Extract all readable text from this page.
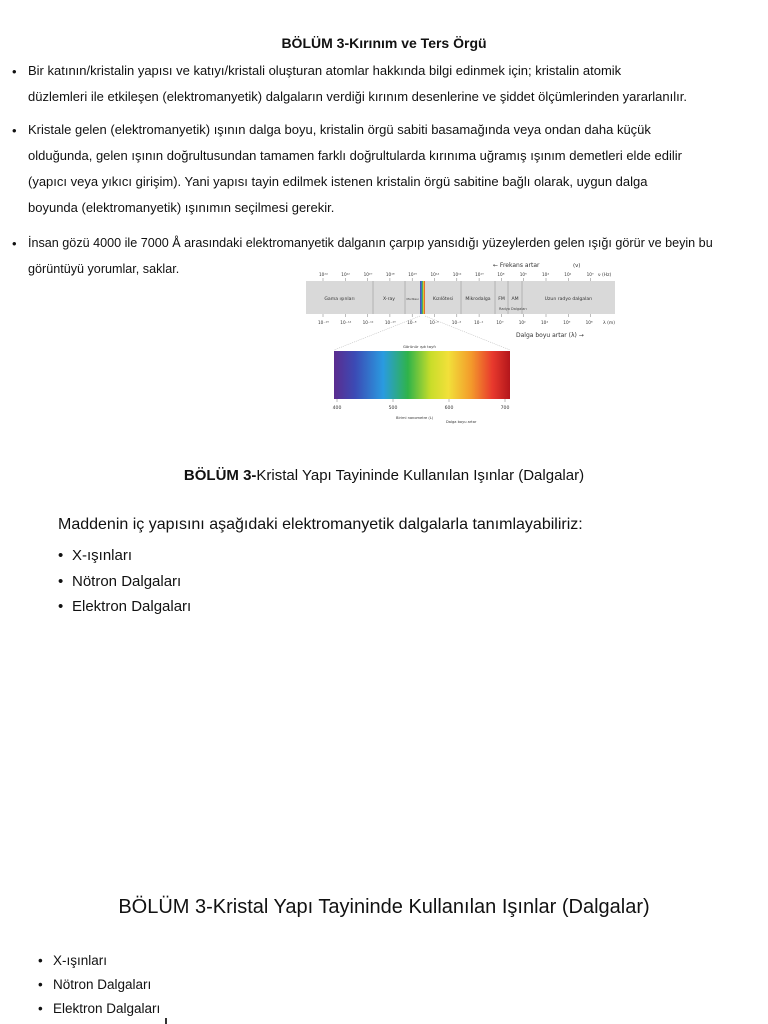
BÖLÜM 3-Kırınım ve Ters Örgü
• Bir katının/kristalin yapısı ve katıyı/kristali oluşturan atomlar hakkında bilgi edinmek için; kristalin atomik
düzlemleri ile etkileşen (elektromanyetik) dalgaların verdiği kırınım desenlerine ve şiddet ölçümlerinden yararlanılır.
• Kristale gelen (elektromanyetik) ışının dalga boyu, kristalin örgü sabiti basamağında veya ondan daha küçük
olduğunda, gelen ışının doğrultusundan tamamen farklı doğrultularda kırınıma uğramış ışınım demetleri elde edilir
(yapıcı veya yıkıcı girişim). Yani yapısı tayin edilmek istenen kristalin örgü sabitine bağlı olarak, uygun dalga
boyunda (elektromanyetik) ışınımın seçilmesi gerekir.
• İnsan gözü 4000 ile 7000 Å arasındaki elektromanyetik dalganın çarpıp yansıdığı yüzeylerden gelen ışığı görür ve beyin bu
görüntüyü yorumlar, saklar.	← Frekans artar	(ν)
10²⁴	10²²	10²⁰	10¹⁸	10¹⁶	10¹⁴	10¹²	10¹⁰	10⁸	10⁶	10⁴	10²	10⁰ ν (Hz)
Gama ışınları	X-ray	Morötesi	Kızılötesi	Mikrodalga FM AM	Uzun radyo dalgaları
Radyo Dalgaları
10⁻¹⁶	10⁻¹⁴	10⁻¹²	10⁻¹⁰	10⁻⁸	10⁻⁶	10⁻⁴	10⁻²	10⁰	10²	10⁴	10⁶	10⁸ λ (m)
Dalga boyu artar (λ) →
Görünür ışık tayfı
400	500	600	700
Birimi nanometre (L)
Dalga boyu artar
BÖLÜM 3-Kristal Yapı Tayininde Kullanılan Işınlar (Dalgalar)
Maddenin iç yapısını aşağıdaki elektromanyetik dalgalarla tanımlayabiliriz:
• X-ışınları
• Nötron Dalgaları
• Elektron Dalgaları
BÖLÜM 3-Kristal Yapı Tayininde Kullanılan Işınlar (Dalgalar)
• X-ışınları
• Nötron Dalgaları
• Elektron Dalgaları
